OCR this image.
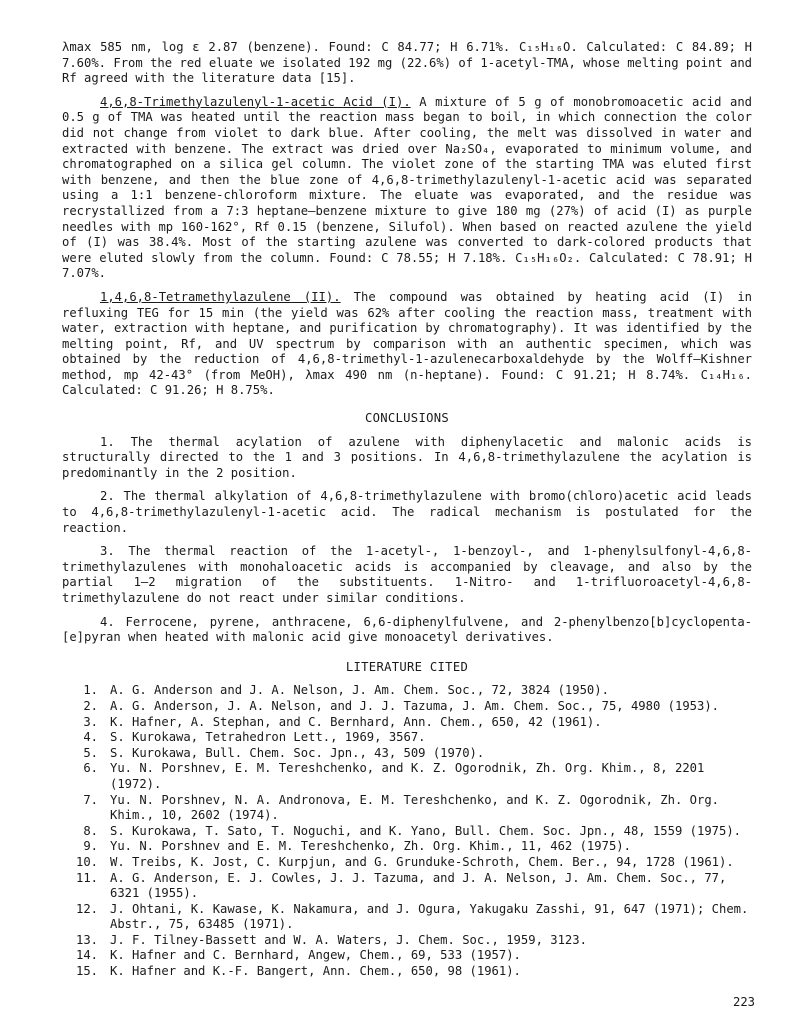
λmax 585 nm, log ε 2.87 (benzene). Found: C 84.77; H 6.71%. C₁₅H₁₆O. Calculated: C 84.89; H 7.60%. From the red eluate we isolated 192 mg (22.6%) of 1-acetyl-TMA, whose melting point and Rf agreed with the literature data [15].

4,6,8-Trimethylazulenyl-1-acetic Acid (I). A mixture of 5 g of monobromoacetic acid and 0.5 g of TMA was heated until the reaction mass began to boil, in which connection the color did not change from violet to dark blue. After cooling, the melt was dissolved in water and extracted with benzene. The extract was dried over Na₂SO₄, evaporated to minimum volume, and chromatographed on a silica gel column. The violet zone of the starting TMA was eluted first with benzene, and then the blue zone of 4,6,8-trimethylazulenyl-1-acetic acid was separated using a 1:1 benzene-chloroform mixture. The eluate was evaporated, and the residue was recrystallized from a 7:3 heptane—benzene mixture to give 180 mg (27%) of acid (I) as purple needles with mp 160-162°, Rf 0.15 (benzene, Silufol). When based on reacted azulene the yield of (I) was 38.4%. Most of the starting azulene was converted to dark-colored products that were eluted slowly from the column. Found: C 78.55; H 7.18%. C₁₅H₁₆O₂. Calculated: C 78.91; H 7.07%.

1,4,6,8-Tetramethylazulene (II). The compound was obtained by heating acid (I) in refluxing TEG for 15 min (the yield was 62% after cooling the reaction mass, treatment with water, extraction with heptane, and purification by chromatography). It was identified by the melting point, Rf, and UV spectrum by comparison with an authentic specimen, which was obtained by the reduction of 4,6,8-trimethyl-1-azulenecarboxaldehyde by the Wolff—Kishner method, mp 42-43° (from MeOH), λmax 490 nm (n-heptane). Found: C 91.21; H 8.74%. C₁₄H₁₆. Calculated: C 91.26; H 8.75%.

CONCLUSIONS

1. The thermal acylation of azulene with diphenylacetic and malonic acids is structurally directed to the 1 and 3 positions. In 4,6,8-trimethylazulene the acylation is predominantly in the 2 position.

2. The thermal alkylation of 4,6,8-trimethylazulene with bromo(chloro)acetic acid leads to 4,6,8-trimethylazulenyl-1-acetic acid. The radical mechanism is postulated for the reaction.

3. The thermal reaction of the 1-acetyl-, 1-benzoyl-, and 1-phenylsulfonyl-4,6,8-trimethylazulenes with monohaloacetic acids is accompanied by cleavage, and also by the partial 1—2 migration of the substituents. 1-Nitro- and 1-trifluoroacetyl-4,6,8-trimethylazulene do not react under similar conditions.

4. Ferrocene, pyrene, anthracene, 6,6-diphenylfulvene, and 2-phenylbenzo[b]cyclopenta-[e]pyran when heated with malonic acid give monoacetyl derivatives.

LITERATURE CITED
1. A. G. Anderson and J. A. Nelson, J. Am. Chem. Soc., 72, 3824 (1950).
2. A. G. Anderson, J. A. Nelson, and J. J. Tazuma, J. Am. Chem. Soc., 75, 4980 (1953).
3. K. Hafner, A. Stephan, and C. Bernhard, Ann. Chem., 650, 42 (1961).
4. S. Kurokawa, Tetrahedron Lett., 1969, 3567.
5. S. Kurokawa, Bull. Chem. Soc. Jpn., 43, 509 (1970).
6. Yu. N. Porshnev, E. M. Tereshchenko, and K. Z. Ogorodnik, Zh. Org. Khim., 8, 2201 (1972).
7. Yu. N. Porshnev, N. A. Andronova, E. M. Tereshchenko, and K. Z. Ogorodnik, Zh. Org. Khim., 10, 2602 (1974).
8. S. Kurokawa, T. Sato, T. Noguchi, and K. Yano, Bull. Chem. Soc. Jpn., 48, 1559 (1975).
9. Yu. N. Porshnev and E. M. Tereshchenko, Zh. Org. Khim., 11, 462 (1975).
10. W. Treibs, K. Jost, C. Kurpjun, and G. Grunduke-Schroth, Chem. Ber., 94, 1728 (1961).
11. A. G. Anderson, E. J. Cowles, J. J. Tazuma, and J. A. Nelson, J. Am. Chem. Soc., 77, 6321 (1955).
12. J. Ohtani, K. Kawase, K. Nakamura, and J. Ogura, Yakugaku Zasshi, 91, 647 (1971); Chem. Abstr., 75, 63485 (1971).
13. J. F. Tilney-Bassett and W. A. Waters, J. Chem. Soc., 1959, 3123.
14. K. Hafner and C. Bernhard, Angew, Chem., 69, 533 (1957).
15. K. Hafner and K.-F. Bangert, Ann. Chem., 650, 98 (1961).
223
